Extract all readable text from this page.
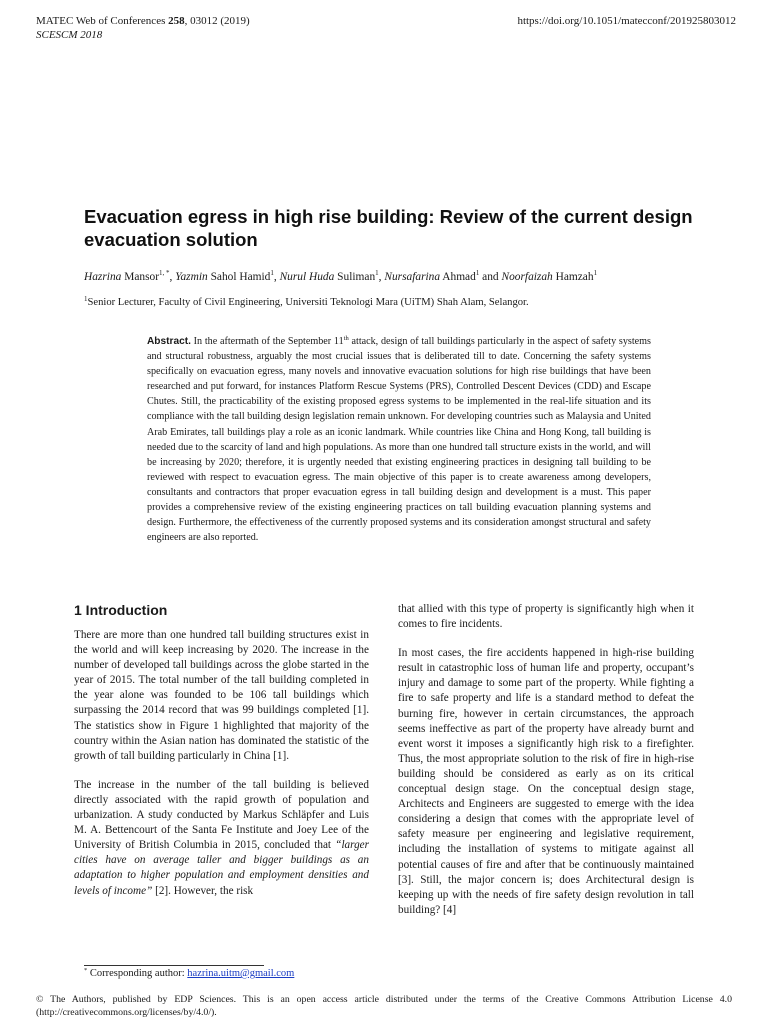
MATEC Web of Conferences 258, 03012 (2019)
SCESCM 2018
https://doi.org/10.1051/matecconf/201925803012
Evacuation egress in high rise building: Review of the current design evacuation solution
Hazrina Mansor$^{1, *}$, Yazmin Sahol Hamid$^1$, Nurul Huda Suliman$^1$, Nursafarina Ahmad$^1$ and Noorfaizah Hamzah$^1$
$^1$Senior Lecturer, Faculty of Civil Engineering, Universiti Teknologi Mara (UiTM) Shah Alam, Selangor.
Abstract. In the aftermath of the September 11th attack, design of tall buildings particularly in the aspect of safety systems and structural robustness, arguably the most crucial issues that is deliberated till to date. Concerning the safety systems specifically on evacuation egress, many novels and innovative evacuation solutions for high rise buildings that have been researched and put forward, for instances Platform Rescue Systems (PRS), Controlled Descent Devices (CDD) and Escape Chutes. Still, the practicability of the existing proposed egress systems to be implemented in the real-life situation and its compliance with the tall building design legislation remain unknown. For developing countries such as Malaysia and United Arab Emirates, tall buildings play a role as an iconic landmark. While countries like China and Hong Kong, tall building is needed due to the scarcity of land and high populations. As more than one hundred tall structure exists in the world, and will be increasing by 2020; therefore, it is urgently needed that existing engineering practices in designing tall building to be reviewed with respect to evacuation egress. The main objective of this paper is to create awareness among developers, consultants and contractors that proper evacuation egress in tall building design and development is a must. This paper provides a comprehensive review of the existing engineering practices on tall building evacuation planning systems and design. Furthermore, the effectiveness of the currently proposed systems and its consideration amongst structural and safety engineers are also reported.
1 Introduction

There are more than one hundred tall building structures exist in the world and will keep increasing by 2020. The increase in the number of developed tall buildings across the globe started in the year of 2015. The total number of the tall building completed in the year alone was founded to be 106 tall buildings which surpassing the 2014 record that was 99 buildings completed [1]. The statistics show in Figure 1 highlighted that majority of the country within the Asian nation has dominated the statistic of the growth of tall building particularly in China [1].

The increase in the number of the tall building is believed directly associated with the rapid growth of population and urbanization. A study conducted by Markus Schläpfer and Luis M. A. Bettencourt of the Santa Fe Institute and Joey Lee of the University of British Columbia in 2015, concluded that “larger cities have on average taller and bigger buildings as an adaptation to higher population and employment densities and levels of income” [2]. However, the risk

that allied with this type of property is significantly high when it comes to fire incidents.

In most cases, the fire accidents happened in high-rise building result in catastrophic loss of human life and property, occupant’s injury and damage to some part of the property. While fighting a fire to safe property and life is a standard method to defeat the burning fire, however in certain circumstances, the approach seems ineffective as part of the property have already burnt and event worst it imposes a significantly high risk to a firefighter. Thus, the most appropriate solution to the risk of fire in high-rise building should be considered as early as on its critical conceptual design stage. On the conceptual design stage, Architects and Engineers are suggested to emerge with the idea considering a design that comes with the appropriate level of safety measure per engineering and legislative requirement, including the installation of systems to mitigate against all potential causes of fire and after that be continuously maintained [3]. Still, the major concern is; does Architectural design is keeping up with the needs of fire safety design revolution in tall building? [4]

* Corresponding author: hazrina.uitm@gmail.com
© The Authors, published by EDP Sciences. This is an open access article distributed under the terms of the Creative Commons Attribution License 4.0 (http://creativecommons.org/licenses/by/4.0/).
